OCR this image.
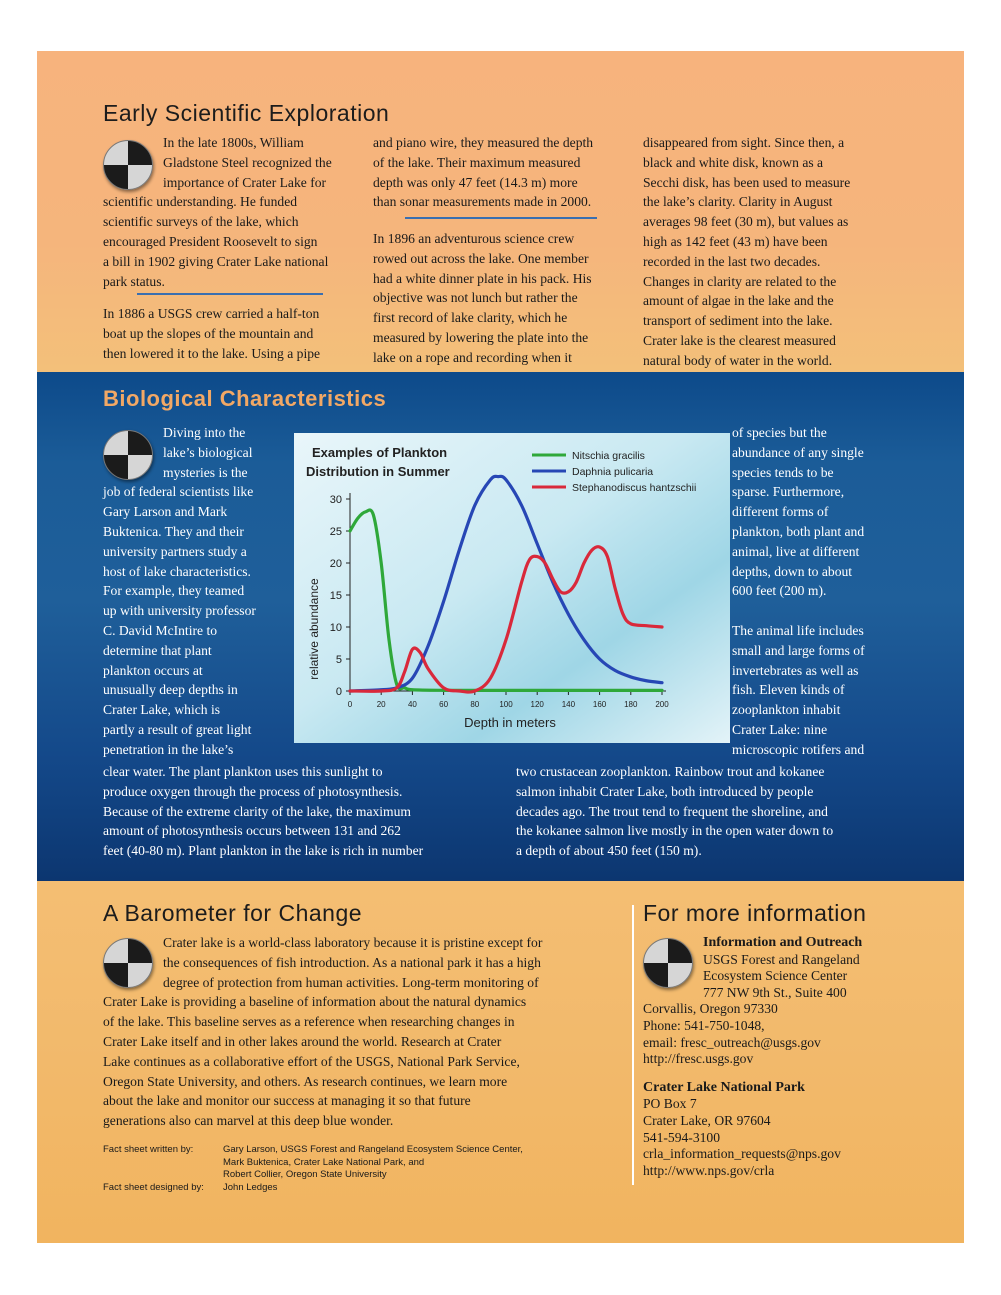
Early Scientific Exploration

In the late 1800s, William

Gladstone Steel recognized the

importance of Crater Lake for

scientific understanding. He funded

scientific surveys of the lake, which

encouraged President Roosevelt to sign

a bill in 1902 giving Crater Lake national

park status.

In 1886 a USGS crew carried a half-ton

boat up the slopes of the mountain and

then lowered it to the lake. Using a pipe

and piano wire, they measured the depth

of the lake. Their maximum measured

depth was only 47 feet (14.3 m) more

than sonar measurements made in 2000.

In 1896 an adventurous science crew

rowed out across the lake. One member

had a white dinner plate in his pack. His

objective was not lunch but rather the

first record of lake clarity, which he

measured by lowering the plate into the

lake on a rope and recording when it

disappeared from sight. Since then, a

black and white disk, known as a

Secchi disk, has been used to measure

the lake’s clarity. Clarity in August

averages 98 feet (30 m), but values as

high as 142 feet (43 m) have been

recorded in the last two decades.

Changes in clarity are related to the

amount of algae in the lake and the

transport of sediment into the lake.

Crater lake is the clearest measured

natural body of water in the world.

Biological Characteristics

Diving into the

lake’s biological

mysteries is the

job of federal scientists like

Gary Larson and Mark

Buktenica. They and their

university partners study a

host of lake characteristics.

For example, they teamed

up with university professor

C. David McIntire to

determine that plant

plankton occurs at

unusually deep depths in

Crater Lake, which is

partly a result of great light

penetration in the lake’s

clear water. The plant plankton uses this sunlight to

produce oxygen through the process of photosynthesis.

Because of the extreme clarity of the lake, the maximum

amount of photosynthesis occurs between 131 and 262

feet (40-80 m). Plant plankton in the lake is rich in number

of species but the

abundance of any single

species tends to be

sparse. Furthermore,

different forms of

plankton, both plant and

animal, live at different

depths, down to about

600 feet (200 m).

The animal life includes

small and large forms of

invertebrates as well as

fish. Eleven kinds of

zooplankton inhabit

Crater Lake: nine

microscopic rotifers and

two crustacean zooplankton. Rainbow trout and kokanee

salmon inhabit Crater Lake, both introduced by people

decades ago. The trout tend to frequent the shoreline, and

the kokanee salmon live mostly in the open water down to

a depth of about 450 feet (150 m).

0	20	40	60	80	100 120 140 160 180 200
0
5
10
15
20
25
30
Examples of Plankton
Distribution in Summer
Nitschia gracilis
Daphnia pulicaria
Stephanodiscus hantzschii
Depth in meters
relative abundance
A Barometer for Change

Crater lake is a world-class laboratory because it is pristine except for

the consequences of fish introduction. As a national park it has a high

degree of protection from human activities. Long-term monitoring of

Crater Lake is providing a baseline of information about the natural dynamics

of the lake. This baseline serves as a reference when researching changes in

Crater Lake itself and in other lakes around the world. Research at Crater

Lake continues as a collaborative effort of the USGS, National Park Service,

Oregon State University, and others. As research continues, we learn more

about the lake and monitor our success at managing it so that future

generations also can marvel at this deep blue wonder.

Fact sheet written by:	Gary Larson, USGS Forest and Rangeland Ecosystem Science Center,
Mark Buktenica, Crater Lake National Park, and
Robert Collier, Oregon State University
Fact sheet designed by: John Ledges
For more information
Information and Outreach
USGS Forest and Rangeland
Ecosystem Science Center
777 NW 9th St., Suite 400
Corvallis, Oregon 97330
Phone: 541-750-1048,
email: fresc_outreach@usgs.gov
http://fresc.usgs.gov
Crater Lake National Park
PO Box 7
Crater Lake, OR 97604
541-594-3100
crla_information_requests@nps.gov
http://www.nps.gov/crla
